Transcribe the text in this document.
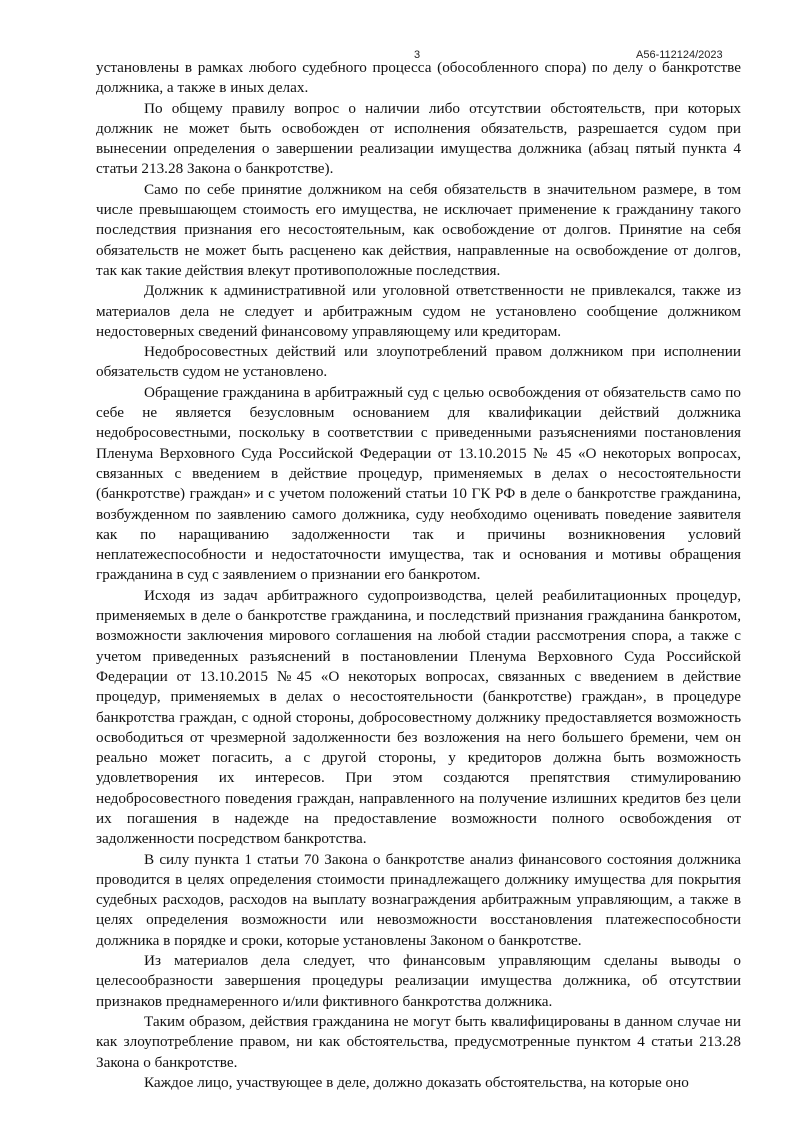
3	А56-112124/2023

установлены в рамках любого судебного процесса (обособленного спора) по делу о банкротстве должника, а также в иных делах.

По общему правилу вопрос о наличии либо отсутствии обстоятельств, при которых должник не может быть освобожден от исполнения обязательств, разрешается судом при вынесении определения о завершении реализации имущества должника (абзац пятый пункта 4 статьи 213.28 Закона о банкротстве).

Само по себе принятие должником на себя обязательств в значительном размере, в том числе превышающем стоимость его имущества, не исключает применение к гражданину такого последствия признания его несостоятельным, как освобождение от долгов. Принятие на себя обязательств не может быть расценено как действия, направленные на освобождение от долгов, так как такие действия влекут противоположные последствия.

Должник к административной или уголовной ответственности не привлекался, также из материалов дела не следует и арбитражным судом не установлено сообщение должником недостоверных сведений финансовому управляющему или кредиторам.

Недобросовестных действий или злоупотреблений правом должником при исполнении обязательств судом не установлено.

Обращение гражданина в арбитражный суд с целью освобождения от обязательств само по себе не является безусловным основанием для квалификации действий должника недобросовестными, поскольку в соответствии с приведенными разъяснениями постановления Пленума Верховного Суда Российской Федерации от 13.10.2015 № 45 «О некоторых вопросах, связанных с введением в действие процедур, применяемых в делах о несостоятельности (банкротстве) граждан» и с учетом положений статьи 10 ГК РФ в деле о банкротстве гражданина, возбужденном по заявлению самого должника, суду необходимо оценивать поведение заявителя как по наращиванию задолженности так и причины возникновения условий неплатежеспособности и недостаточности имущества, так и основания и мотивы обращения гражданина в суд с заявлением о признании его банкротом.

Исходя из задач арбитражного судопроизводства, целей реабилитационных процедур, применяемых в деле о банкротстве гражданина, и последствий признания гражданина банкротом, возможности заключения мирового соглашения на любой стадии рассмотрения спора, а также с учетом приведенных разъяснений в постановлении Пленума Верховного Суда Российской Федерации от 13.10.2015 №45 «О некоторых вопросах, связанных с введением в действие процедур, применяемых в делах о несостоятельности (банкротстве) граждан», в процедуре банкротства граждан, с одной стороны, добросовестному должнику предоставляется возможность освободиться от чрезмерной задолженности без возложения на него большего бремени, чем он реально может погасить, а с другой стороны, у кредиторов должна быть возможность удовлетворения их интересов. При этом создаются препятствия стимулированию недобросовестного поведения граждан, направленного на получение излишних кредитов без цели их погашения в надежде на предоставление возможности полного освобождения от задолженности посредством банкротства.

В силу пункта 1 статьи 70 Закона о банкротстве анализ финансового состояния должника проводится в целях определения стоимости принадлежащего должнику имущества для покрытия судебных расходов, расходов на выплату вознаграждения арбитражным управляющим, а также в целях определения возможности или невозможности восстановления платежеспособности должника в порядке и сроки, которые установлены Законом о банкротстве.

Из материалов дела следует, что финансовым управляющим сделаны выводы о целесообразности завершения процедуры реализации имущества должника, об отсутствии признаков преднамеренного и/или фиктивного банкротства должника.

Таким образом, действия гражданина не могут быть квалифицированы в данном случае ни как злоупотребление правом, ни как обстоятельства, предусмотренные пунктом 4 статьи 213.28 Закона о банкротстве.

Каждое лицо, участвующее в деле, должно доказать обстоятельства, на которые оно
